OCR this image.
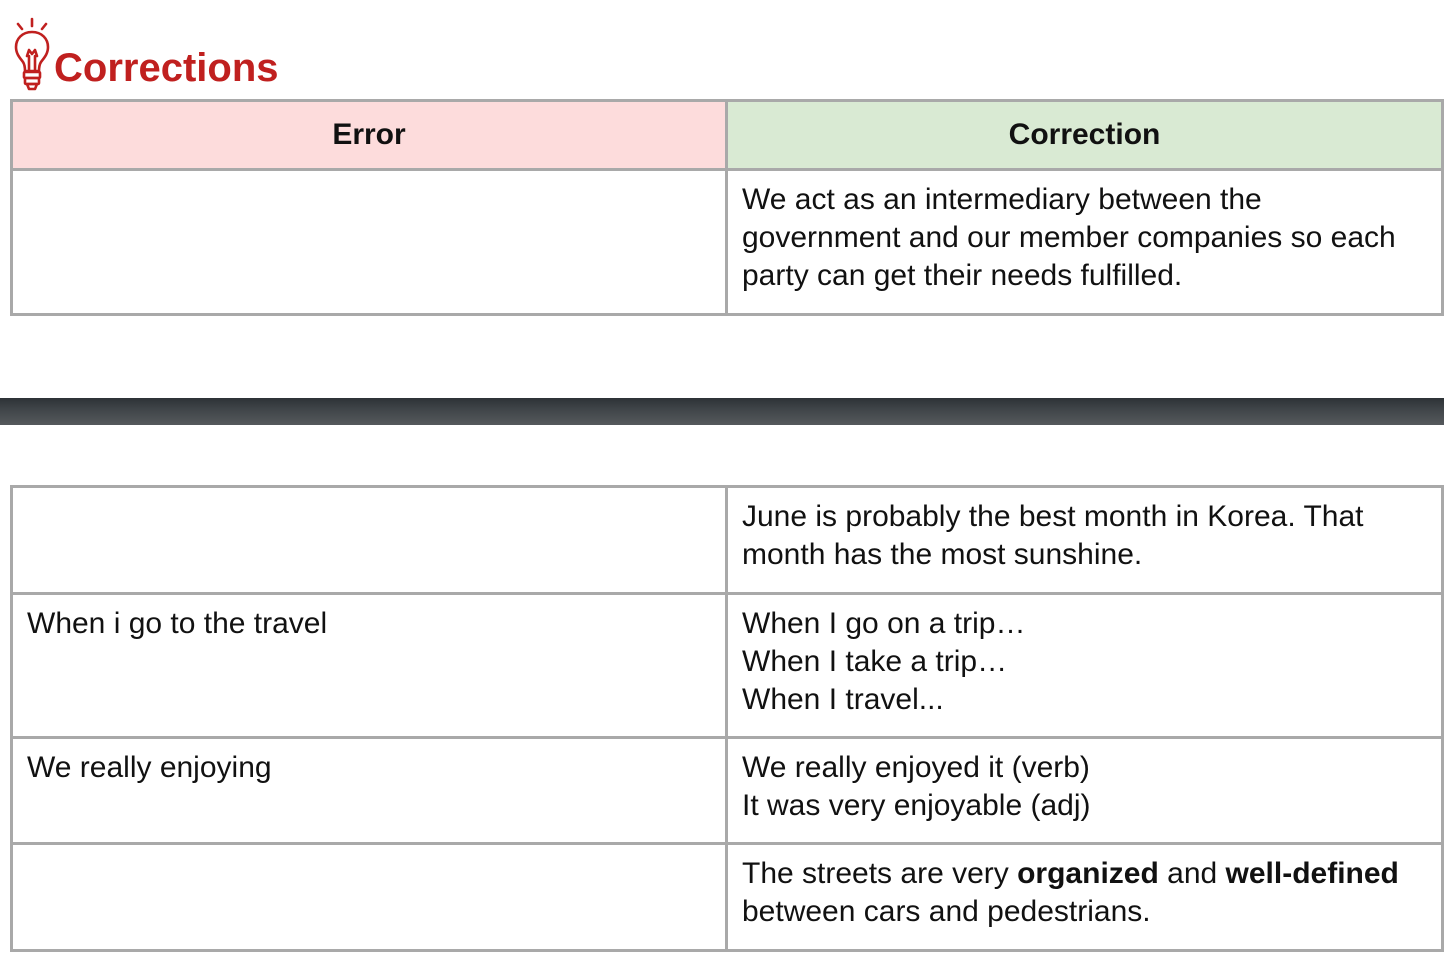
Corrections
Error	Correction
	We act as an intermediary between the government and our member companies so each party can get their needs fulfilled.
	June is probably the best month in Korea. That month has the most sunshine.
When i go to the travel	When I go on a trip…
When I take a trip…
When I travel...

We really enjoying	We really enjoyed it (verb)
It was very enjoyable (adj)

	The streets are very organized and well-defined between cars and pedestrians.
